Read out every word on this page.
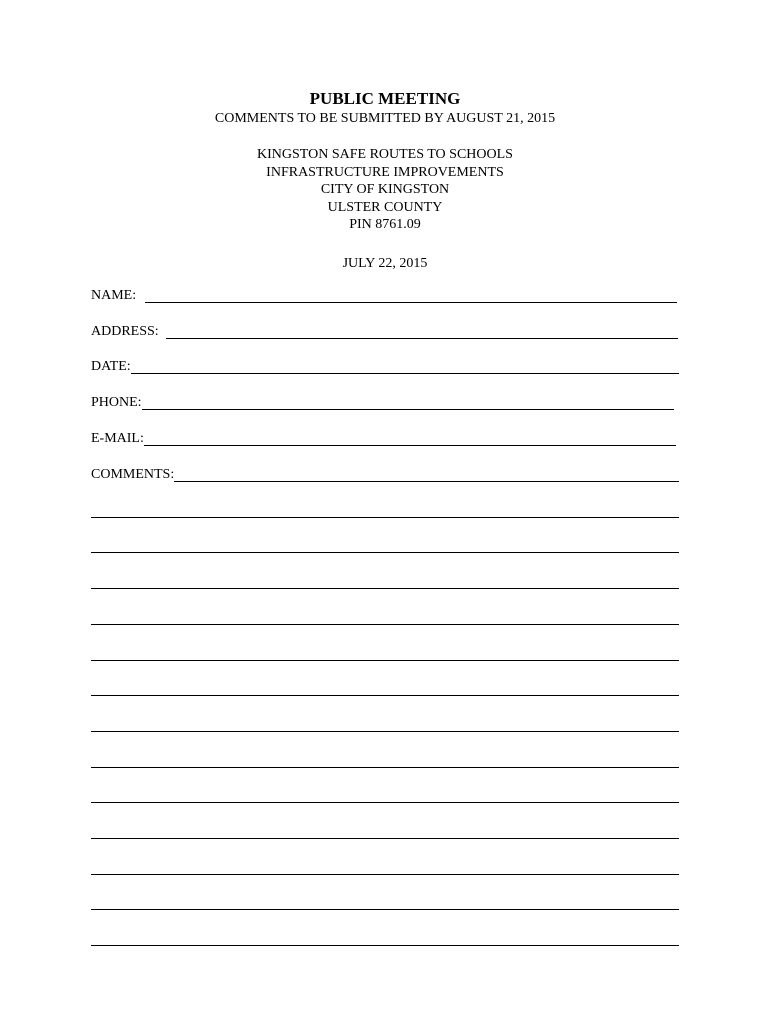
PUBLIC MEETING
COMMENTS TO BE SUBMITTED BY AUGUST 21, 2015
KINGSTON SAFE ROUTES TO SCHOOLS
INFRASTRUCTURE IMPROVEMENTS
CITY OF KINGSTON
ULSTER COUNTY
PIN 8761.09
JULY 22, 2015
NAME:
ADDRESS:
DATE:
PHONE:
E-MAIL:
COMMENTS:
